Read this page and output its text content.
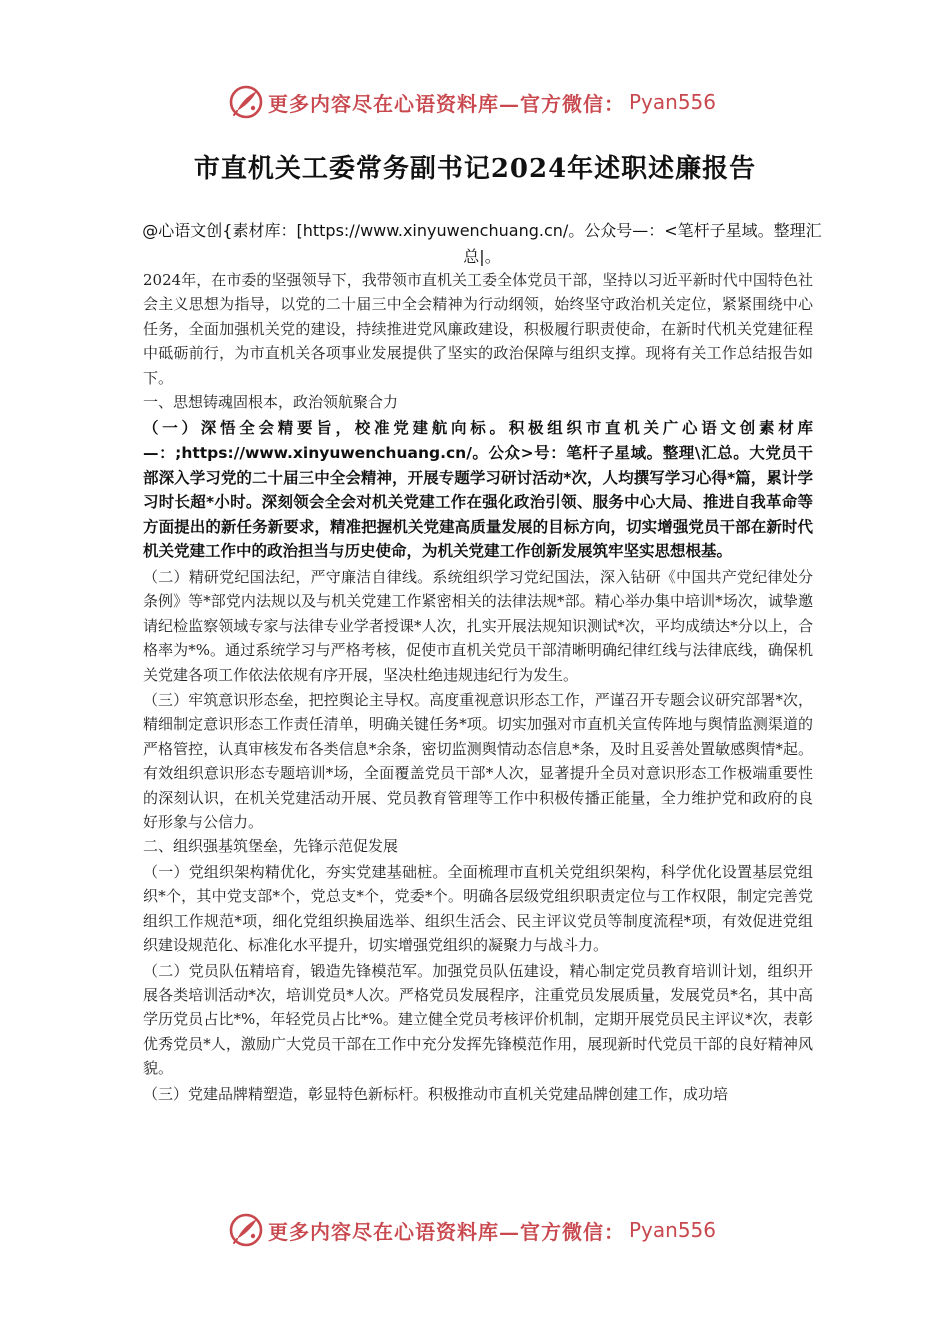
更多内容尽在心语资料库—官方微信： Pyan556
市直机关工委常务副书记2024年述职述廉报告
@心语文创{素材库：[https://www.xinyuwenchuang.cn/。公众号—：<笔杆子星域。整理汇总|。

2024年，在市委的坚强领导下，我带领市直机关工委全体党员干部，坚持以习近平新时代中国特色社会主义思想为指导，以党的二十届三中全会精神为行动纲领，始终坚守政治机关定位，紧紧围绕中心任务，全面加强机关党的建设，持续推进党风廉政建设，积极履行职责使命，在新时代机关党建征程中砥砺前行，为市直机关各项事业发展提供了坚实的政治保障与组织支撑。现将有关工作总结报告如下。

一、思想铸魂固根本，政治领航聚合力

（一）深悟全会精要旨，校准党建航向标。积极组织市直机关广心语文创素材库—：;https://www.xinyuwenchuang.cn/。公众>号：笔杆子星域。整理\汇总。大党员干部深入学习党的二十届三中全会精神，开展专题学习研讨活动*次，人均撰写学习心得*篇，累计学习时长超*小时。深刻领会全会对机关党建工作在强化政治引领、服务中心大局、推进自我革命等方面提出的新任务新要求，精准把握机关党建高质量发展的目标方向，切实增强党员干部在新时代机关党建工作中的政治担当与历史使命，为机关党建工作创新发展筑牢坚实思想根基。

（二）精研党纪国法纪，严守廉洁自律线。系统组织学习党纪国法，深入钻研《中国共产党纪律处分条例》等*部党内法规以及与机关党建工作紧密相关的法律法规*部。精心举办集中培训*场次，诚挚邀请纪检监察领域专家与法律专业学者授课*人次，扎实开展法规知识测试*次，平均成绩达*分以上，合格率为*%。通过系统学习与严格考核，促使市直机关党员干部清晰明确纪律红线与法律底线，确保机关党建各项工作依法依规有序开展，坚决杜绝违规违纪行为发生。

（三）牢筑意识形态垒，把控舆论主导权。高度重视意识形态工作，严谨召开专题会议研究部署*次，精细制定意识形态工作责任清单，明确关键任务*项。切实加强对市直机关宣传阵地与舆情监测渠道的严格管控，认真审核发布各类信息*余条，密切监测舆情动态信息*条，及时且妥善处置敏感舆情*起。有效组织意识形态专题培训*场，全面覆盖党员干部*人次，显著提升全员对意识形态工作极端重要性的深刻认识，在机关党建活动开展、党员教育管理等工作中积极传播正能量，全力维护党和政府的良好形象与公信力。

二、组织强基筑堡垒，先锋示范促发展

（一）党组织架构精优化，夯实党建基础桩。全面梳理市直机关党组织架构，科学优化设置基层党组织*个，其中党支部*个，党总支*个，党委*个。明确各层级党组织职责定位与工作权限，制定完善党组织工作规范*项，细化党组织换届选举、组织生活会、民主评议党员等制度流程*项，有效促进党组织建设规范化、标准化水平提升，切实增强党组织的凝聚力与战斗力。

（二）党员队伍精培育，锻造先锋模范军。加强党员队伍建设，精心制定党员教育培训计划，组织开展各类培训活动*次，培训党员*人次。严格党员发展程序，注重党员发展质量，发展党员*名，其中高学历党员占比*%，年轻党员占比*%。建立健全党员考核评价机制，定期开展党员民主评议*次，表彰优秀党员*人，激励广大党员干部在工作中充分发挥先锋模范作用，展现新时代党员干部的良好精神风貌。

（三）党建品牌精塑造，彰显特色新标杆。积极推动市直机关党建品牌创建工作，成功培

更多内容尽在心语资料库—官方微信： Pyan556
